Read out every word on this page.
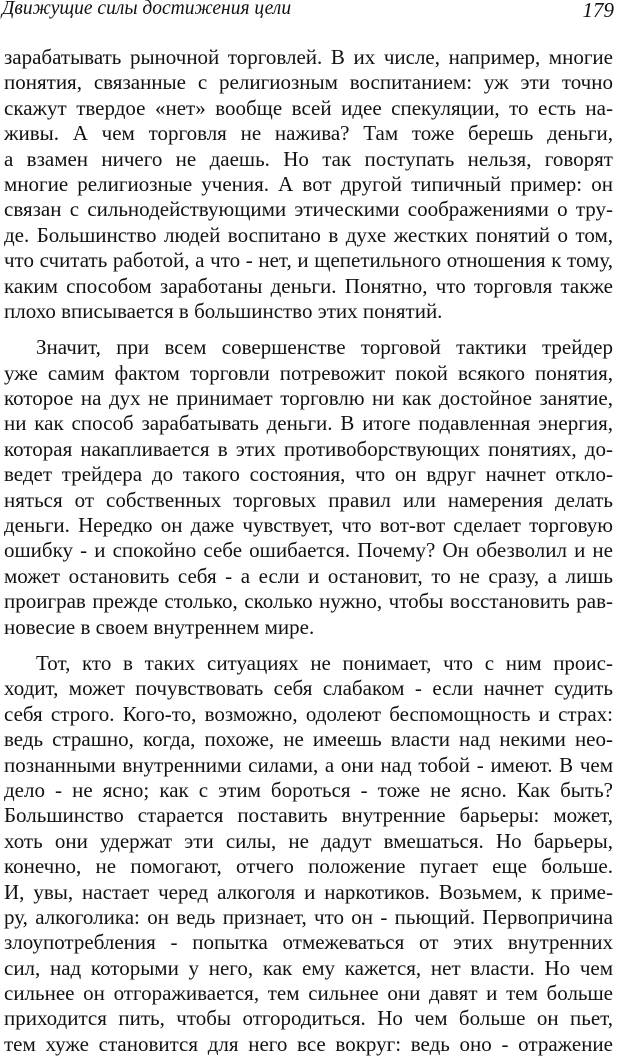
Движущие силы достижения цели	179
зарабатывать рыночной торговлей. В их числе, например, многие
понятия, связанные с религиозным воспитанием: уж эти точно
скажут твердое «нет» вообще всей идее спекуляции, то есть на-
живы. А чем торговля не нажива? Там тоже берешь деньги,
а взамен ничего не даешь. Но так поступать нельзя, говорят
многие религиозные учения. А вот другой типичный пример: он
связан с сильнодействующими этическими соображениями о тру-
де. Большинство людей воспитано в духе жестких понятий о том,
что считать работой, а что - нет, и щепетильного отношения к тому,
каким способом заработаны деньги. Понятно, что торговля также
плохо вписывается в большинство этих понятий.
Значит, при всем совершенстве торговой тактики трейдер
уже самим фактом торговли потревожит покой всякого понятия,
которое на дух не принимает торговлю ни как достойное занятие,
ни как способ зарабатывать деньги. В итоге подавленная энергия,
которая накапливается в этих противоборствующих понятиях, до-
ведет трейдера до такого состояния, что он вдруг начнет откло-
няться от собственных торговых правил или намерения делать
деньги. Нередко он даже чувствует, что вот-вот сделает торговую
ошибку - и спокойно себе ошибается. Почему? Он обезволил и не
может остановить себя - а если и остановит, то не сразу, а лишь
проиграв прежде столько, сколько нужно, чтобы восстановить рав-
новесие в своем внутреннем мире.
Тот, кто в таких ситуациях не понимает, что с ним проис-
ходит, может почувствовать себя слабаком - если начнет судить
себя строго. Кого-то, возможно, одолеют беспомощность и страх:
ведь страшно, когда, похоже, не имеешь власти над некими нео-
познанными внутренними силами, а они над тобой - имеют. В чем
дело - не ясно; как с этим бороться - тоже не ясно. Как быть?
Большинство старается поставить внутренние барьеры: может,
хоть они удержат эти силы, не дадут вмешаться. Но барьеры,
конечно, не помогают, отчего положение пугает еще больше.
И, увы, настает черед алкоголя и наркотиков. Возьмем, к приме-
ру, алкоголика: он ведь признает, что он - пьющий. Первопричина
злоупотребления - попытка отмежеваться от этих внутренних
сил, над которыми у него, как ему кажется, нет власти. Но чем
сильнее он отгораживается, тем сильнее они давят и тем больше
приходится пить, чтобы отгородиться. Но чем больше он пьет,
тем хуже становится для него все вокруг: ведь оно - отражение
